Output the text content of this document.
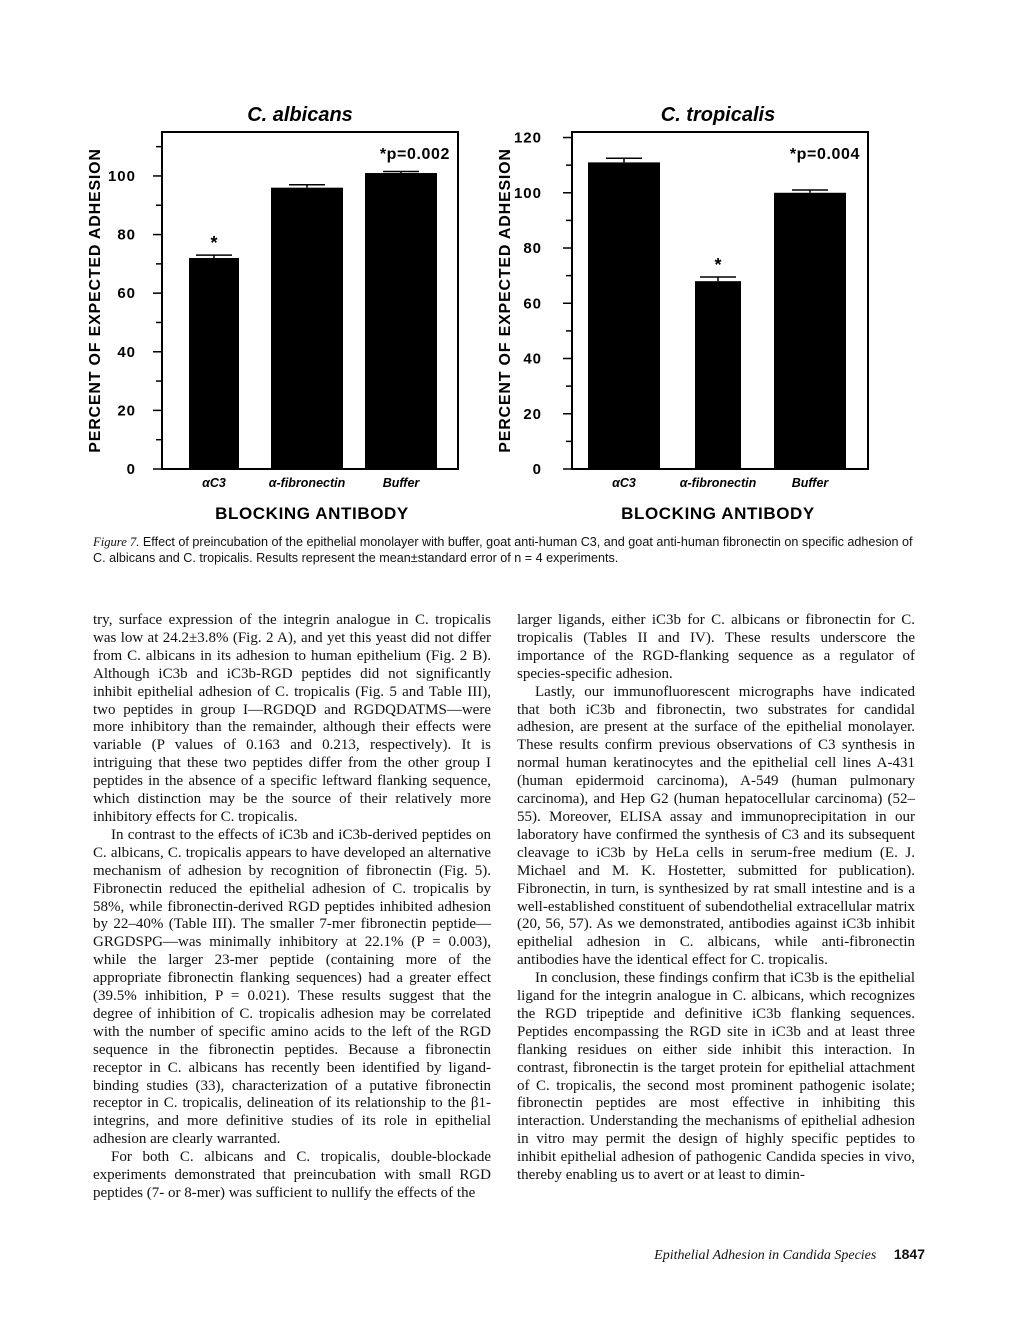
0
20
40
60
80
100
PERCENT OF EXPECTED ADHESION
C. albicans
*p=0.002
*
αC3	α-fibronectin	Buffer
BLOCKING ANTIBODY
0
20
40
60
80
100
120
PERCENT OF EXPECTED ADHESION
C. tropicalis
*p=0.004
αC3
*
α-fibronectin	Buffer
BLOCKING ANTIBODY
Figure 7. Effect of preincubation of the epithelial monolayer with buffer, goat anti-human C3, and goat anti-human fibronectin on specific adhesion of C. albicans and C. tropicalis. Results represent the mean±standard error of n = 4 experiments.

try, surface expression of the integrin analogue in C. tropicalis was low at 24.2±3.8% (Fig. 2 A), and yet this yeast did not differ from C. albicans in its adhesion to human epithelium (Fig. 2 B). Although iC3b and iC3b-RGD peptides did not significantly inhibit epithelial adhesion of C. tropicalis (Fig. 5 and Table III), two peptides in group I—RGDQD and RGDQDATMS—were more inhibitory than the remainder, although their effects were variable (P values of 0.163 and 0.213, respectively). It is intriguing that these two peptides differ from the other group I peptides in the absence of a specific leftward flanking sequence, which distinction may be the source of their relatively more inhibitory effects for C. tropicalis.

In contrast to the effects of iC3b and iC3b-derived peptides on C. albicans, C. tropicalis appears to have developed an alternative mechanism of adhesion by recognition of fibronectin (Fig. 5). Fibronectin reduced the epithelial adhesion of C. tropicalis by 58%, while fibronectin-derived RGD peptides inhibited adhesion by 22–40% (Table III). The smaller 7-mer fibronectin peptide—GRGDSPG—was minimally inhibitory at 22.1% (P = 0.003), while the larger 23-mer peptide (containing more of the appropriate fibronectin flanking sequences) had a greater effect (39.5% inhibition, P = 0.021). These results suggest that the degree of inhibition of C. tropicalis adhesion may be correlated with the number of specific amino acids to the left of the RGD sequence in the fibronectin peptides. Because a fibronectin receptor in C. albicans has recently been identified by ligand-binding studies (33), characterization of a putative fibronectin receptor in C. tropicalis, delineation of its relationship to the β1-integrins, and more definitive studies of its role in epithelial adhesion are clearly warranted.

For both C. albicans and C. tropicalis, double-blockade experiments demonstrated that preincubation with small RGD peptides (7- or 8-mer) was sufficient to nullify the effects of the

larger ligands, either iC3b for C. albicans or fibronectin for C. tropicalis (Tables II and IV). These results underscore the importance of the RGD-flanking sequence as a regulator of species-specific adhesion.

Lastly, our immunofluorescent micrographs have indicated that both iC3b and fibronectin, two substrates for candidal adhesion, are present at the surface of the epithelial monolayer. These results confirm previous observations of C3 synthesis in normal human keratinocytes and the epithelial cell lines A-431 (human epidermoid carcinoma), A-549 (human pulmonary carcinoma), and Hep G2 (human hepatocellular carcinoma) (52–55). Moreover, ELISA assay and immunoprecipitation in our laboratory have confirmed the synthesis of C3 and its subsequent cleavage to iC3b by HeLa cells in serum-free medium (E. J. Michael and M. K. Hostetter, submitted for publication). Fibronectin, in turn, is synthesized by rat small intestine and is a well-established constituent of subendothelial extracellular matrix (20, 56, 57). As we demonstrated, antibodies against iC3b inhibit epithelial adhesion in C. albicans, while anti-fibronectin antibodies have the identical effect for C. tropicalis.

In conclusion, these findings confirm that iC3b is the epithelial ligand for the integrin analogue in C. albicans, which recognizes the RGD tripeptide and definitive iC3b flanking sequences. Peptides encompassing the RGD site in iC3b and at least three flanking residues on either side inhibit this interaction. In contrast, fibronectin is the target protein for epithelial attachment of C. tropicalis, the second most prominent pathogenic isolate; fibronectin peptides are most effective in inhibiting this interaction. Understanding the mechanisms of epithelial adhesion in vitro may permit the design of highly specific peptides to inhibit epithelial adhesion of pathogenic Candida species in vivo, thereby enabling us to avert or at least to dimin-

Epithelial Adhesion in Candida Species 1847
